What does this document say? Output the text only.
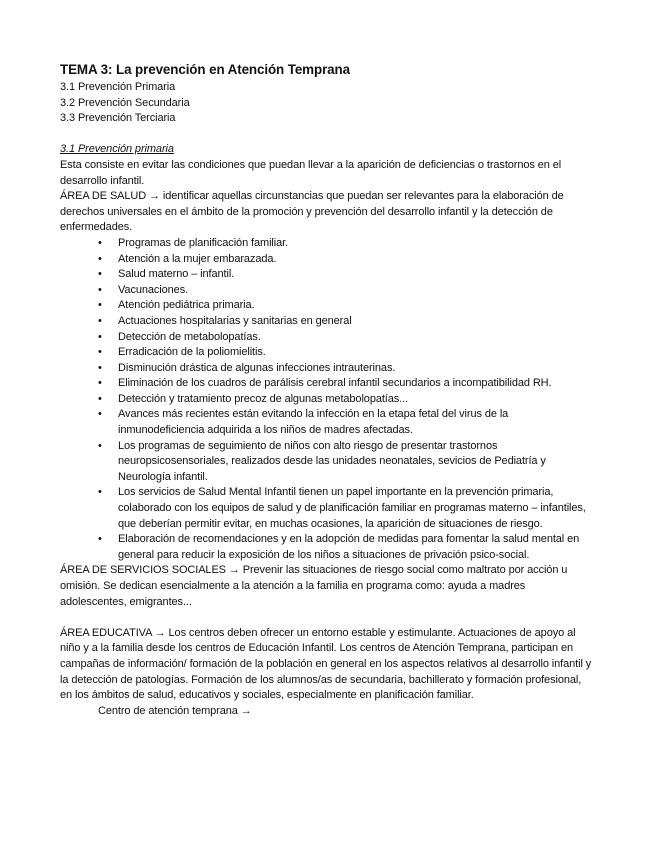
TEMA 3: La prevención en Atención Temprana

3.1 Prevención Primaria

3.2 Prevención Secundaria

3.3 Prevención Terciaria

3.1 Prevención primaria

Esta consiste en evitar las condiciones que puedan llevar a la aparición de deficiencias o trastornos en el desarrollo infantil.

ÁREA DE SALUD → identificar aquellas circunstancias que puedan ser relevantes para la elaboración de derechos universales en el ámbito de la promoción y prevención del desarrollo infantil y la detección de enfermedades.

• Programas de planificación familiar.
• Atención a la mujer embarazada.
• Salud materno – infantil.
• Vacunaciones.
• Atención pediátrica primaria.
• Actuaciones hospitalarias y sanitarias en general
• Detección de metabolopatías.
• Erradicación de la poliomielitis.
• Disminución drástica de algunas infecciones intrauterinas.
• Eliminación de los cuadros de parálisis cerebral infantil secundarios a incompatibilidad RH.
• Detección y tratamiento precoz de algunas metabolopatías...
• Avances más recientes están evitando la infección en la etapa fetal del virus de la inmunodeficiencia adquirida a los niños de madres afectadas.
• Los programas de seguimiento de niños con alto riesgo de presentar trastornos neuropsicosensoriales, realizados desde las unidades neonatales, sevicios de Pediatría y Neurología infantil.
• Los servicios de Salud Mental Infantil tienen un papel importante en la prevención primaria, colaborado con los equipos de salud y de planificación familiar en programas materno – infantiles, que deberían permitir evitar, en muchas ocasiones, la aparición de situaciones de riesgo.
• Elaboración de recomendaciones y en la adopción de medidas para fomentar la salud mental en general para reducir la exposición de los niños a situaciones de privación psico-social.

ÁREA DE SERVICIOS SOCIALES → Prevenir las situaciones de riesgo social como maltrato por acción u omisión. Se dedican esencialmente a la atención a la familia en programa como: ayuda a madres adolescentes, emigrantes...

ÁREA EDUCATIVA → Los centros deben ofrecer un entorno estable y estimulante. Actuaciones de apoyo al niño y a la familia desde los centros de Educación Infantil. Los centros de Atención Temprana, participan en campañas de información/ formación de la población en general en los aspectos relativos al desarrollo infantil y la detección de patologías. Formación de los alumnos/as de secundaria, bachillerato y formación profesional, en los ámbitos de salud, educativos y sociales, especialmente en planificación familiar.

Centro de atención temprana →
